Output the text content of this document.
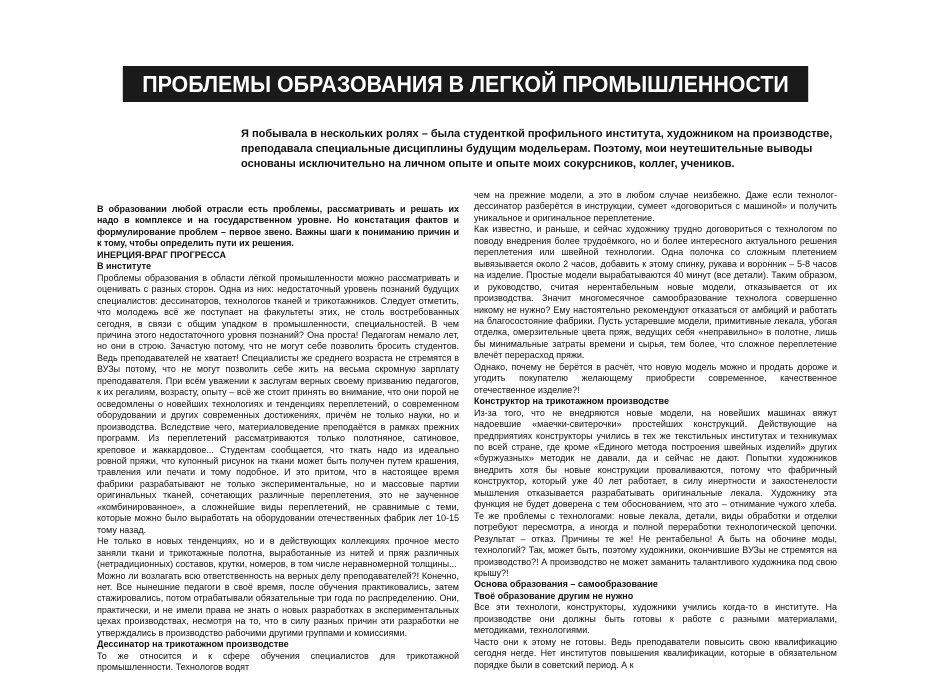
ПРОБЛЕМЫ ОБРАЗОВАНИЯ В ЛЕГКОЙ ПРОМЫШЛЕННОСТИ
Я побывала в нескольких ролях – была студенткой профильного института, художником на производстве, преподавала специальные дисциплины будущим модельерам. Поэтому, мои неутешительные выводы основаны исключительно на личном опыте и опыте моих сокурсников, коллег, учеников.

В образовании любой отрасли есть проблемы, рассматривать и решать их надо в комплексе и на государственном уровне. Но констатация фактов и формулирование проблем – первое звено. Важны шаги к пониманию причин и к тому, чтобы определить пути их решения.

ИНЕРЦИЯ-ВРАГ ПРОГРЕССА

В институте

Проблемы образования в области лёгкой промышленности можно рассматривать и оценивать с разных сторон. Одна из них: недостаточный уровень познаний будущих специалистов: дессинаторов, технологов тканей и трикотажников. Следует отметить, что молодежь всё же поступает на факультеты этих, не столь востребованных сегодня, в связи с общим упадком в промышленности, специальностей. В чем причина этого недостаточного уровня познаний? Она проста! Педагогам немало лет, но они в строю. Зачастую потому, что не могут себе позволить бросить студентов. Ведь преподавателей не хватает! Специалисты же среднего возраста не стремятся в ВУЗы потому, что не могут позволить себе жить на весьма скромную зарплату преподавателя. При всём уважении к заслугам верных своему призванию педагогов, к их регалиям, возрасту, опыту – всё же стоит принять во внимание, что они порой не осведомлены о новейших технологиях и тенденциях переплетений, о современном оборудовании и других современных достижениях, причём не только науки, но и производства. Вследствие чего, материаловедение преподаётся в рамках прежних программ. Из переплетений рассматриваются только полотняное, сатиновое, креповое и жаккардовое... Студентам сообщается, что ткать надо из идеально ровной пряжи, что купонный рисунок на ткани может быть получен путем крашения, травления или печати и тому подобное. И это притом, что в настоящее время фабрики разрабатывают не только экспериментальные, но и массовые партии оригинальных тканей, сочетающих различные переплетения, это не заученное «комбинированное», а сложнейшие виды переплетений, не сравнимые с теми, которые можно было выработать на оборудовании отечественных фабрик лет 10-15 тому назад.

Не только в новых тенденциях, но и в действующих коллекциях прочное место заняли ткани и трикотажные полотна, выработанные из нитей и пряж различных (нетрадиционных) составов, крутки, номеров, в том числе неравномерной толщины...

Можно ли возлагать всю ответственность на верных делу преподавателей?! Конечно, нет. Все нынешние педагоги в своё время, после обучения практиковались, затем стажировались, потом отрабатывали обязательные три года по распределению. Они, практически, и не имели права не знать о новых разработках в экспериментальных цехах производствах, несмотря на то, что в силу разных причин эти разработки не утверждались в производство рабочими другими группами и комиссиями.

Дессинатор на трикотажном производстве

То же относится и к сфере обучения специалистов для трикотажной промышленности. Технологов водят

чем на прежние модели, а это в любом случае неизбежно. Даже если технолог-дессинатор разберётся в инструкции, сумеет «договориться с машиной» и получить уникальное и оригинальное переплетение.

Как известно, и раньше, и сейчас художнику трудно договориться с технологом по поводу внедрения более трудоёмкого, но и более интересного актуального решения переплетения или швейной технологии. Одна полочка со сложным плетением вывязывается около 2 часов, добавить к этому спинку, рукава и воронник – 5-8 часов на изделие. Простые модели вырабатываются 40 минут (все детали). Таким образом, и руководство, считая нерентабельным новые модели, отказывается от их производства. Значит многомесячное самообразование технолога совершенно никому не нужно? Ему настоятельно рекомендуют отказаться от амбиций и работать на благосостояние фабрики. Пусть устаревшие модели, примитивные лекала, убогая отделка, омерзительные цвета пряж, ведущих себя «неправильно» в полотне, лишь бы минимальные затраты времени и сырья, тем более, что сложное переплетение влечёт перерасход пряжи.

Однако, почему не берётся в расчёт, что новую модель можно и продать дороже и угодить покупателю желающему приобрести современное, качественное отечественное изделие?!

Конструктор на трикотажном производстве

Из-за того, что не внедряются новые модели, на новейших машинах вяжут надоевшие «маечки-свитерочки» простейших конструкций. Действующие на предприятиях конструкторы учились в тех же текстильных институтах и техникумах по всей стране, где кроме «Единого метода построения швейных изделий» других «буржуазных» методик не давали, да и сейчас не дают. Попытки художников внедрить хотя бы новые конструкции проваливаются, потому что фабричный конструктор, который уже 40 лет работает, в силу инертности и закостенелости мышления отказывается разрабатывать оригинальные лекала. Художнику эта функция не будет доверена с тем обоснованием, что это – отнимание чужого хлеба. Те же проблемы с технологами: новые лекала, детали, виды обработки и отделки потребуют пересмотра, а иногда и полной переработки технологической цепочки. Результат – отказ. Причины те же! Не рентабельно! А быть на обочине моды, технологий? Так, может быть, поэтому художники, окончившие ВУЗы не стремятся на производство?! А производство не может заманить талантливого художника под свою крышу?!

Основа образования – самообразование

Твоё образование другим не нужно

Все эти технологи, конструкторы, художники учились когда-то в институте. На производстве они должны быть готовы к работе с разными материалами, методиками, технологиями.

Часто они к этому не готовы. Ведь преподаватели повысить свою квалификацию сегодня негде. Нет институтов повышения квалификации, которые в обязательном порядке были в советский период. А к
